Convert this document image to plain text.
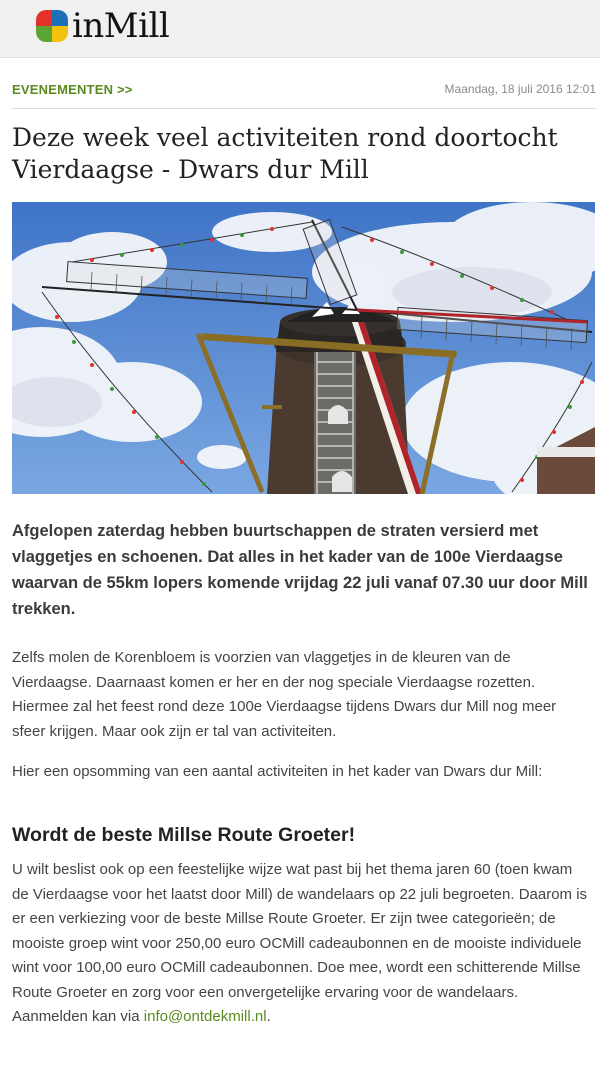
inMill
EVENEMENTEN >>	Maandag, 18 juli 2016 12:01
Deze week veel activiteiten rond doortocht Vierdaagse - Dwars dur Mill

Afgelopen zaterdag hebben buurtschappen de straten versierd met vlaggetjes en schoenen. Dat alles in het kader van de 100e Vierdaagse waarvan de 55km lopers komende vrijdag 22 juli vanaf 07.30 uur door Mill trekken.

Zelfs molen de Korenbloem is voorzien van vlaggetjes in de kleuren van de Vierdaagse. Daarnaast komen er her en der nog speciale Vierdaagse rozetten. Hiermee zal het feest rond deze 100e Vierdaagse tijdens Dwars dur Mill nog meer sfeer krijgen. Maar ook zijn er tal van activiteiten.

Hier een opsomming van een aantal activiteiten in het kader van Dwars dur Mill:

Wordt de beste Millse Route Groeter!

U wilt beslist ook op een feestelijke wijze wat past bij het thema jaren 60 (toen kwam de Vierdaagse voor het laatst door Mill) de wandelaars op 22 juli begroeten. Daarom is er een verkiezing voor de beste Millse Route Groeter. Er zijn twee categorieën; de mooiste groep wint voor 250,00 euro OCMill cadeaubonnen en de mooiste individuele wint voor 100,00 euro OCMill cadeaubonnen. Doe mee, wordt een schitterende Millse Route Groeter en zorg voor een onvergetelijke ervaring voor de wandelaars. Aanmelden kan via info@ontdekmill.nl.
